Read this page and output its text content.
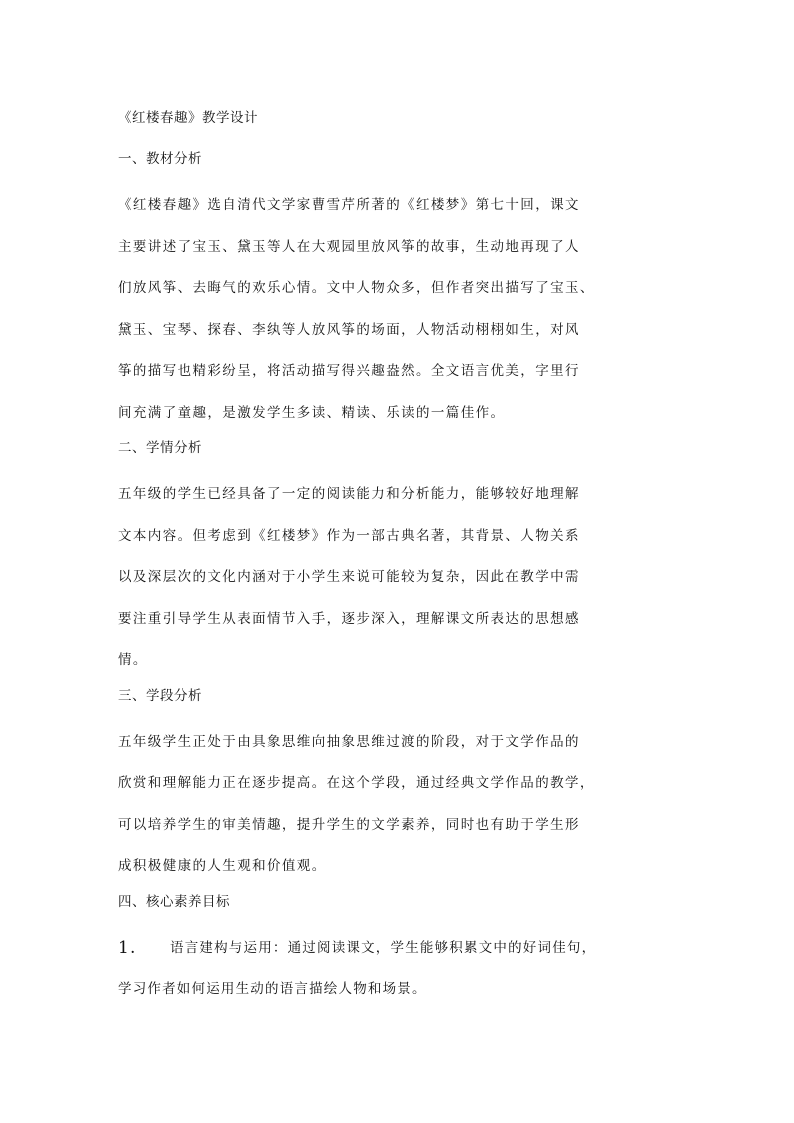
《红楼春趣》教学设计
一、教材分析
《红楼春趣》选自清代文学家曹雪芹所著的《红楼梦》第七十回，课文
主要讲述了宝玉、黛玉等人在大观园里放风筝的故事，生动地再现了人
们放风筝、去晦气的欢乐心情。文中人物众多，但作者突出描写了宝玉、
黛玉、宝琴、探春、李纨等人放风筝的场面，人物活动栩栩如生，对风
筝的描写也精彩纷呈，将活动描写得兴趣盎然。全文语言优美，字里行
间充满了童趣，是激发学生多读、精读、乐读的一篇佳作。
二、学情分析
五年级的学生已经具备了一定的阅读能力和分析能力，能够较好地理解
文本内容。但考虑到《红楼梦》作为一部古典名著，其背景、人物关系
以及深层次的文化内涵对于小学生来说可能较为复杂，因此在教学中需
要注重引导学生从表面情节入手，逐步深入，理解课文所表达的思想感
情。
三、学段分析
五年级学生正处于由具象思维向抽象思维过渡的阶段，对于文学作品的
欣赏和理解能力正在逐步提高。在这个学段，通过经典文学作品的教学，
可以培养学生的审美情趣，提升学生的文学素养，同时也有助于学生形
成积极健康的人生观和价值观。
四、核心素养目标
1.	语言建构与运用：通过阅读课文，学生能够积累文中的好词佳句，
学习作者如何运用生动的语言描绘人物和场景。
